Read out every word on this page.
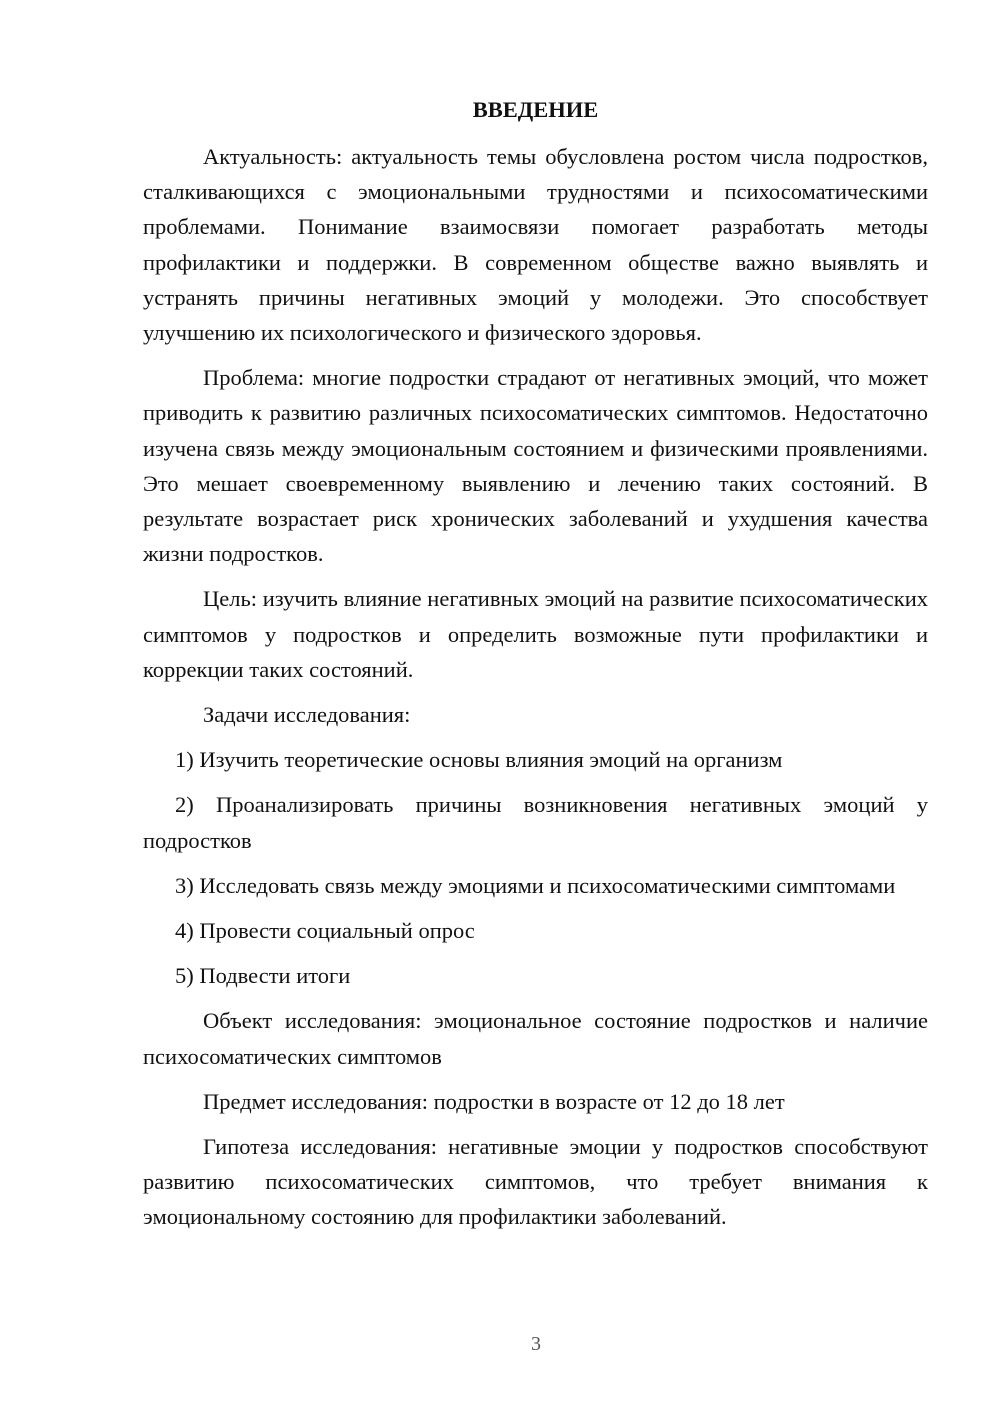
ВВЕДЕНИЕ

Актуальность: актуальность темы обусловлена ростом числа подростков, сталкивающихся с эмоциональными трудностями и психосоматическими проблемами. Понимание взаимосвязи помогает разработать методы профилактики и поддержки. В современном обществе важно выявлять и устранять причины негативных эмоций у молодежи. Это способствует улучшению их психологического и физического здоровья.

Проблема: многие подростки страдают от негативных эмоций, что может приводить к развитию различных психосоматических симптомов. Недостаточно изучена связь между эмоциональным состоянием и физическими проявлениями. Это мешает своевременному выявлению и лечению таких состояний. В результате возрастает риск хронических заболеваний и ухудшения качества жизни подростков.

Цель: изучить влияние негативных эмоций на развитие психосоматических симптомов у подростков и определить возможные пути профилактики и коррекции таких состояний.

Задачи исследования:

1) Изучить теоретические основы влияния эмоций на организм

2) Проанализировать причины возникновения негативных эмоций у подростков

3) Исследовать связь между эмоциями и психосоматическими симптомами

4) Провести социальный опрос

5) Подвести итоги

Объект исследования: эмоциональное состояние подростков и наличие психосоматических симптомов

Предмет исследования: подростки в возрасте от 12 до 18 лет

Гипотеза исследования: негативные эмоции у подростков способствуют развитию психосоматических симптомов, что требует внимания к эмоциональному состоянию для профилактики заболеваний.

3
